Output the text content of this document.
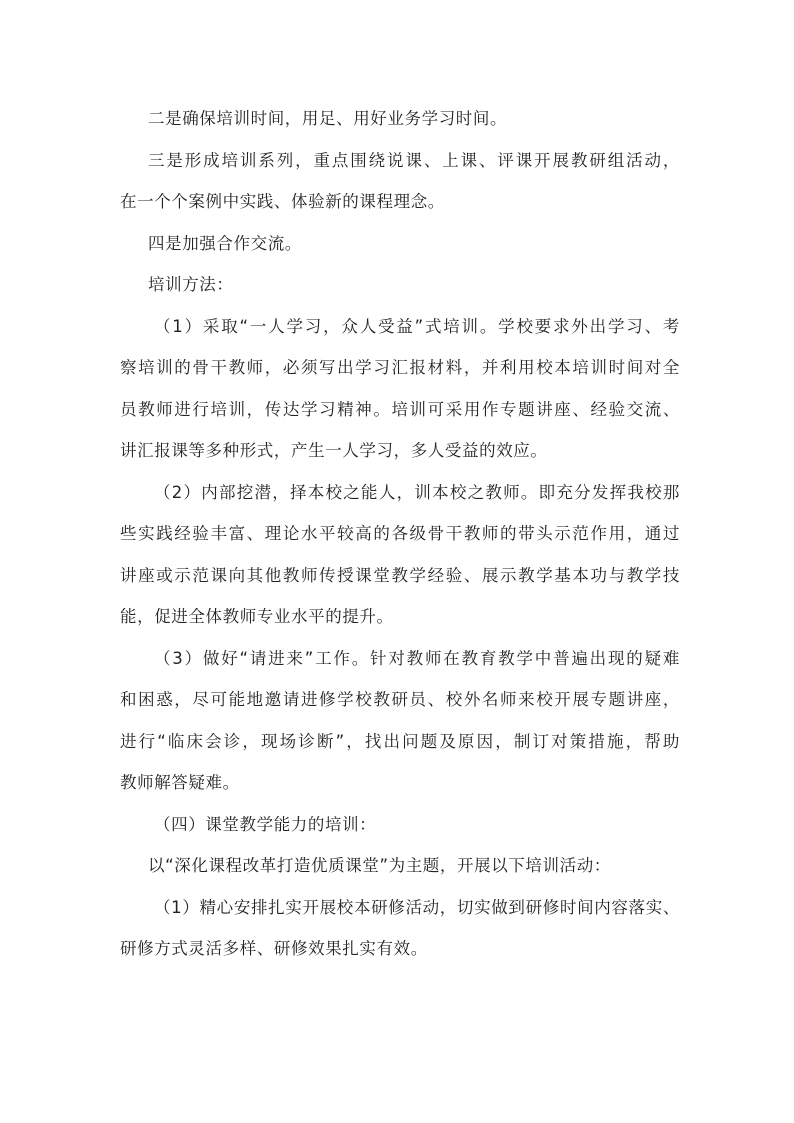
二是确保培训时间，用足、用好业务学习时间。
三是形成培训系列，重点围绕说课、上课、评课开展教研组活动，
在一个个案例中实践、体验新的课程理念。
四是加强合作交流。
培训方法：
（1）采取“一人学习，众人受益”式培训。学校要求外出学习、考
察培训的骨干教师，必须写出学习汇报材料，并利用校本培训时间对全
员教师进行培训，传达学习精神。培训可采用作专题讲座、经验交流、
讲汇报课等多种形式，产生一人学习，多人受益的效应。
（2）内部挖潜，择本校之能人，训本校之教师。即充分发挥我校那
些实践经验丰富、理论水平较高的各级骨干教师的带头示范作用，通过
讲座或示范课向其他教师传授课堂教学经验、展示教学基本功与教学技
能，促进全体教师专业水平的提升。
（3）做好“请进来”工作。针对教师在教育教学中普遍出现的疑难
和困惑，尽可能地邀请进修学校教研员、校外名师来校开展专题讲座，
进行“临床会诊，现场诊断”，找出问题及原因，制订对策措施，帮助
教师解答疑难。
（四）课堂教学能力的培训：
以“深化课程改革打造优质课堂”为主题，开展以下培训活动：
（1）精心安排扎实开展校本研修活动，切实做到研修时间内容落实、
研修方式灵活多样、研修效果扎实有效。
